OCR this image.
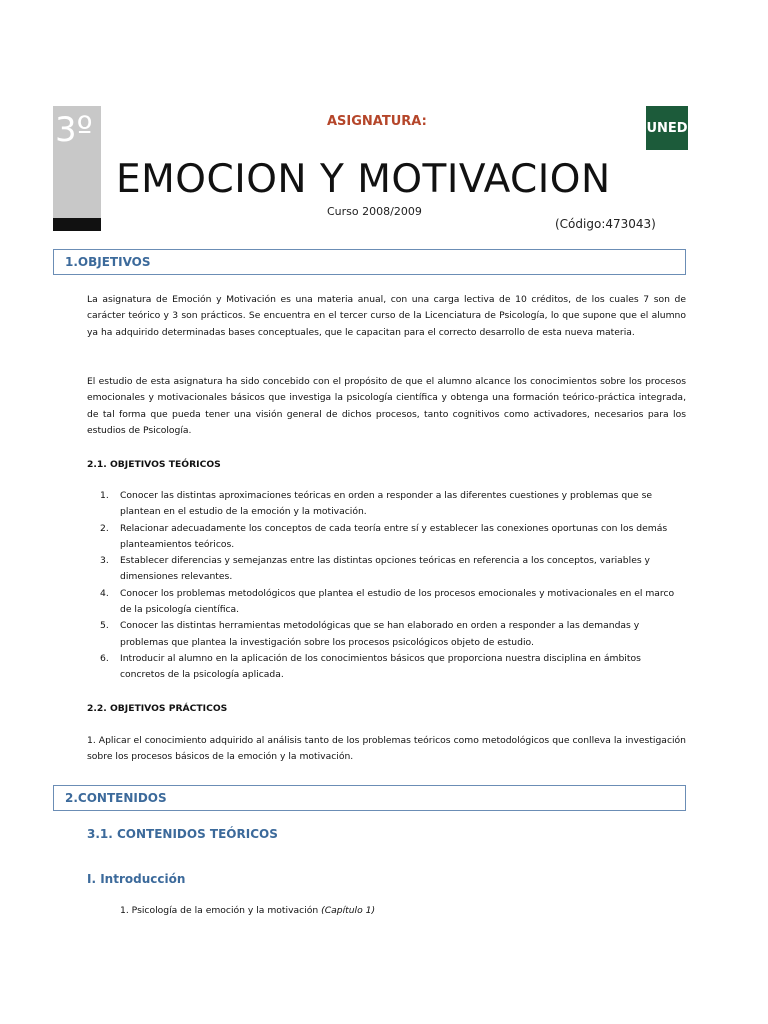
3º	ASIGNATURA:	UNED
EMOCION Y MOTIVACION
Curso 2008/2009
(Código:473043)
1.OBJETIVOS
La asignatura de Emoción y Motivación es una materia anual, con una carga lectiva de 10 créditos, de los cuales 7 son de carácter teórico y 3 son prácticos. Se encuentra en el tercer curso de la Licenciatura de Psicología, lo que supone que el alumno ya ha adquirido determinadas bases conceptuales, que le capacitan para el correcto desarrollo de esta nueva materia.
El estudio de esta asignatura ha sido concebido con el propósito de que el alumno alcance los conocimientos sobre los procesos emocionales y motivacionales básicos que investiga la psicología científica y obtenga una formación teórico-práctica integrada, de tal forma que pueda tener una visión general de dichos procesos, tanto cognitivos como activadores, necesarios para los estudios de Psicología.
2.1. OBJETIVOS TEÓRICOS
1.	Conocer las distintas aproximaciones teóricas en orden a responder a las diferentes cuestiones y problemas que se plantean en el estudio de la emoción y la motivación.
2.	Relacionar adecuadamente los conceptos de cada teoría entre sí y establecer las conexiones oportunas con los demás planteamientos teóricos.
3.	Establecer diferencias y semejanzas entre las distintas opciones teóricas en referencia a los conceptos, variables y dimensiones relevantes.
4.	Conocer los problemas metodológicos que plantea el estudio de los procesos emocionales y motivacionales en el marco de la psicología científica.
5.	Conocer las distintas herramientas metodológicas que se han elaborado en orden a responder a las demandas y problemas que plantea la investigación sobre los procesos psicológicos objeto de estudio.
6.	Introducir al alumno en la aplicación de los conocimientos básicos que proporciona nuestra disciplina en ámbitos concretos de la psicología aplicada.
2.2. OBJETIVOS PRÁCTICOS
1. Aplicar el conocimiento adquirido al análisis tanto de los problemas teóricos como metodológicos que conlleva la investigación sobre los procesos básicos de la emoción y la motivación.
2.CONTENIDOS
3.1. CONTENIDOS TEÓRICOS
I. Introducción
1. Psicología de la emoción y la motivación (Capítulo 1)
